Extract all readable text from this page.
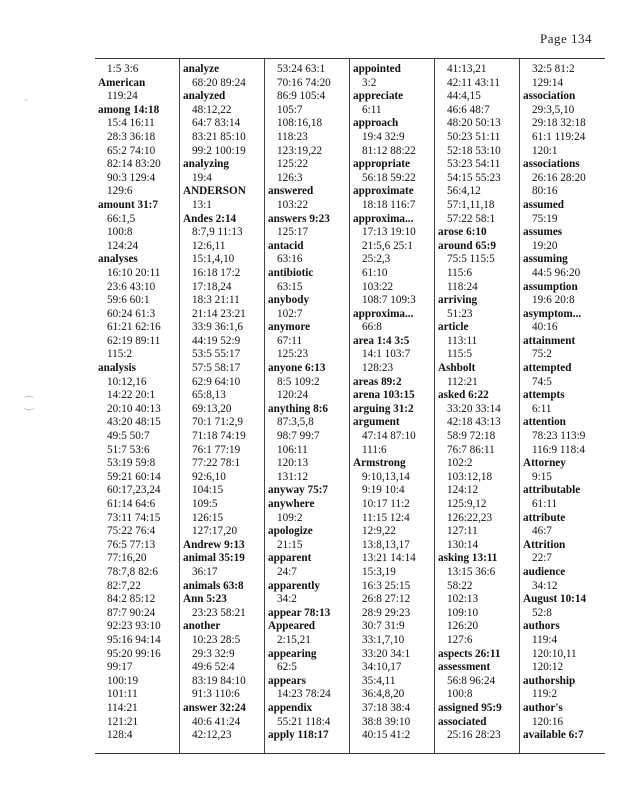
Page 134
˘
⁐
1:5 3:6
American
119:24
among 14:18
15:4 16:11
28:3 36:18
65:2 74:10
82:14 83:20
90:3 129:4
129:6
amount 31:7
66:1,5
100:8
124:24
analyses
16:10 20:11
23:6 43:10
59:6 60:1
60:24 61:3
61:21 62:16
62:19 89:11
115:2
analysis
10:12,16
14:22 20:1
20:10 40:13
43:20 48:15
49:5 50:7
51:7 53:6
53:19 59:8
59:21 60:14
60:17,23,24
61:14 64:6
73:11 74:15
75:22 76:4
76:5 77:13
77:16,20
78:7,8 82:6
82:7,22
84:2 85:12
87:7 90:24
92:23 93:10
95:16 94:14
95:20 99:16
99:17
100:19
101:11
114:21
121:21
128:4
analyze
68:20 89:24
analyzed
48:12,22
64:7 83:14
83:21 85:10
99:2 100:19
analyzing
19:4
ANDERSON
13:1
Andes 2:14
8:7,9 11:13
12:6,11
15:1,4,10
16:18 17:2
17:18,24
18:3 21:11
21:14 23:21
33:9 36:1,6
44:19 52:9
53:5 55:17
57:5 58:17
62:9 64:10
65:8,13
69:13,20
70:1 71:2,9
71:18 74:19
76:1 77:19
77:22 78:1
92:6,10
104:15
109:5
126:15
127:17,20
Andrew 9:13
animal 35:19
36:17
animals 63:8
Ann 5:23
23:23 58:21
another
10:23 28:5
29:3 32:9
49:6 52:4
83:19 84:10
91:3 110:6
answer 32:24
40:6 41:24
42:12,23
53:24 63:1
70:16 74:20
86:9 105:4
105:7
108:16,18
118:23
123:19,22
125:22
126:3
answered
103:22
answers 9:23
125:17
antacid
63:16
antibiotic
63:15
anybody
102:7
anymore
67:11
125:23
anyone 6:13
8:5 109:2
120:24
anything 8:6
87:3,5,8
98:7 99:7
106:11
120:13
131:12
anyway 75:7
anywhere
109:2
apologize
21:15
apparent
24:7
apparently
34:2
appear 78:13
Appeared
2:15,21
appearing
62:5
appears
14:23 78:24
appendix
55:21 118:4
apply 118:17
appointed
3:2
appreciate
6:11
approach
19:4 32:9
81:12 88:22
appropriate
56:18 59:22
approximate
18:18 116:7
approxima...
17:13 19:10
21:5,6 25:1
25:2,3
61:10
103:22
108:7 109:3
approxima...
66:8
area 1:4 3:5
14:1 103:7
128:23
areas 89:2
arena 103:15
arguing 31:2
argument
47:14 87:10
111:6
Armstrong
9:10,13,14
9:19 10:4
10:17 11:2
11:15 12:4
12:9,22
13:8,13,17
13:21 14:14
15:3,19
16:3 25:15
26:8 27:12
28:9 29:23
30:7 31:9
33:1,7,10
33:20 34:1
34:10,17
35:4,11
36:4,8,20
37:18 38:4
38:8 39:10
40:15 41:2
41:13,21
42:11 43:11
44:4,15
46:6 48:7
48:20 50:13
50:23 51:11
52:18 53:10
53:23 54:11
54:15 55:23
56:4,12
57:1,11,18
57:22 58:1
arose 6:10
around 65:9
75:5 115:5
115:6
118:24
arriving
51:23
article
113:11
115:5
Ashbolt
112:21
asked 6:22
33:20 33:14
42:18 43:13
58:9 72:18
76:7 86:11
102:2
103:12,18
124:12
125:9,12
126:22,23
127:11
130:14
asking 13:11
13:15 36:6
58:22
102:13
109:10
126:20
127:6
aspects 26:11
assessment
56:8 96:24
100:8
assigned 95:9
associated
25:16 28:23
32:5 81:2
129:14
association
29:3,5,10
29:18 32:18
61:1 119:24
120:1
associations
26:16 28:20
80:16
assumed
75:19
assumes
19:20
assuming
44:5 96:20
assumption
19:6 20:8
asymptom...
40:16
attainment
75:2
attempted
74:5
attempts
6:11
attention
78:23 113:9
116:9 118:4
Attorney
9:15
attributable
61:11
attribute
46:7
Attrition
22:7
audience
34:12
August 10:14
52:8
authors
119:4
120:10,11
120:12
authorship
119:2
author's
120:16
available 6:7
